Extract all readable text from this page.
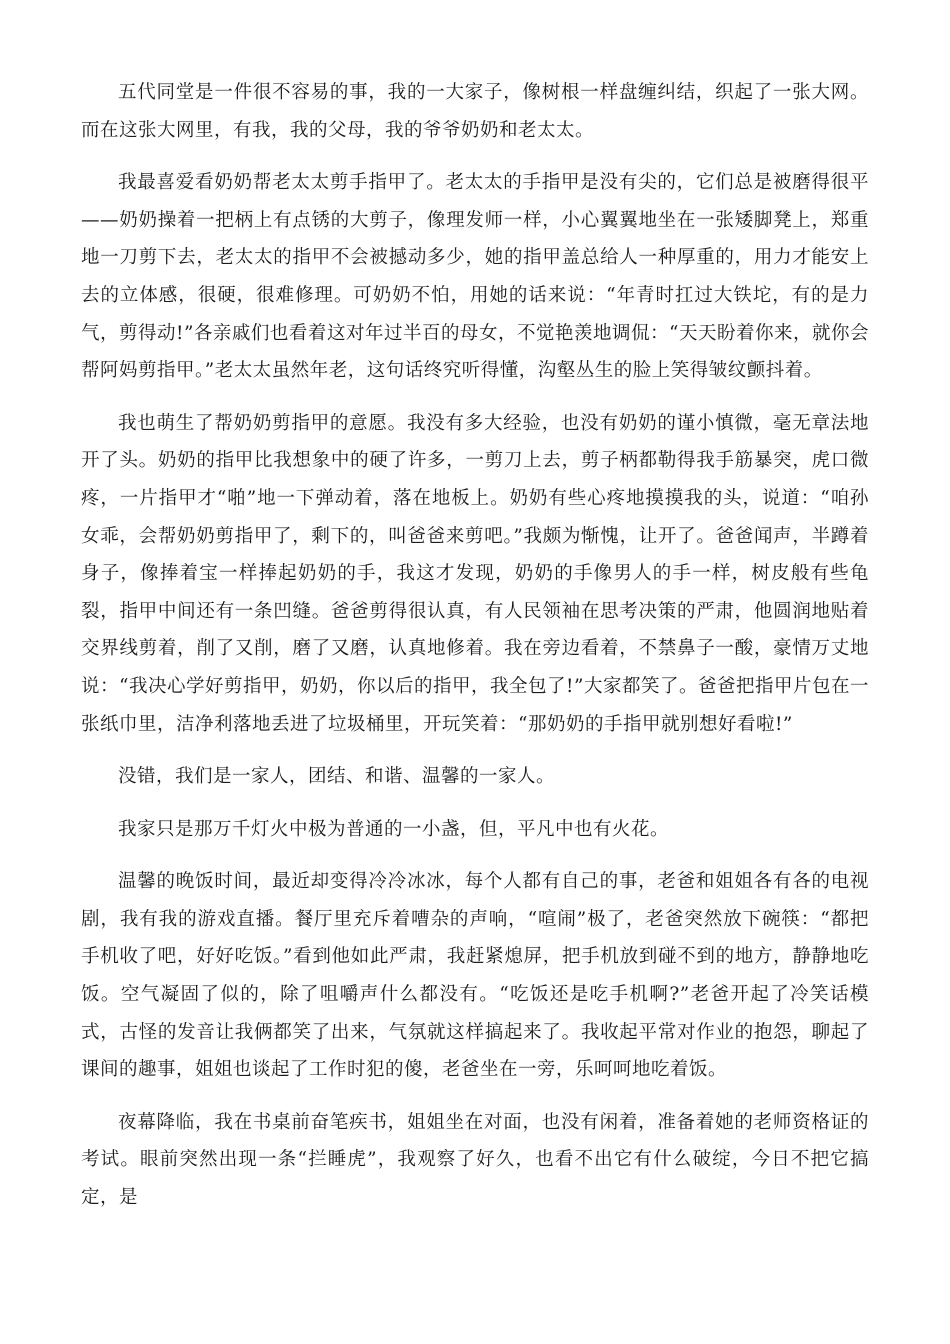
五代同堂是一件很不容易的事，我的一大家子，像树根一样盘缠纠结，织起了一张大网。而在这张大网里，有我，我的父母，我的爷爷奶奶和老太太。

我最喜爱看奶奶帮老太太剪手指甲了。老太太的手指甲是没有尖的，它们总是被磨得很平——奶奶操着一把柄上有点锈的大剪子，像理发师一样，小心翼翼地坐在一张矮脚凳上，郑重地一刀剪下去，老太太的指甲不会被撼动多少，她的指甲盖总给人一种厚重的，用力才能安上去的立体感，很硬，很难修理。可奶奶不怕，用她的话来说：“年青时扛过大铁坨，有的是力气，剪得动!”各亲戚们也看着这对年过半百的母女，不觉艳羡地调侃：“天天盼着你来，就你会帮阿妈剪指甲。”老太太虽然年老，这句话终究听得懂，沟壑丛生的脸上笑得皱纹颤抖着。

我也萌生了帮奶奶剪指甲的意愿。我没有多大经验，也没有奶奶的谨小慎微，毫无章法地开了头。奶奶的指甲比我想象中的硬了许多，一剪刀上去，剪子柄都勒得我手筋暴突，虎口微疼，一片指甲才“啪”地一下弹动着，落在地板上。奶奶有些心疼地摸摸我的头，说道：“咱孙女乖，会帮奶奶剪指甲了，剩下的，叫爸爸来剪吧。”我颇为惭愧，让开了。爸爸闻声，半蹲着身子，像捧着宝一样捧起奶奶的手，我这才发现，奶奶的手像男人的手一样，树皮般有些龟裂，指甲中间还有一条凹缝。爸爸剪得很认真，有人民领袖在思考决策的严肃，他圆润地贴着交界线剪着，削了又削，磨了又磨，认真地修着。我在旁边看着，不禁鼻子一酸，豪情万丈地说：“我决心学好剪指甲，奶奶，你以后的指甲，我全包了!”大家都笑了。爸爸把指甲片包在一张纸巾里，洁净利落地丢进了垃圾桶里，开玩笑着：“那奶奶的手指甲就别想好看啦!”

没错，我们是一家人，团结、和谐、温馨的一家人。

我家只是那万千灯火中极为普通的一小盏，但，平凡中也有火花。

温馨的晚饭时间，最近却变得冷冷冰冰，每个人都有自己的事，老爸和姐姐各有各的电视剧，我有我的游戏直播。餐厅里充斥着嘈杂的声响，“喧闹”极了，老爸突然放下碗筷：“都把手机收了吧，好好吃饭。”看到他如此严肃，我赶紧熄屏，把手机放到碰不到的地方，静静地吃饭。空气凝固了似的，除了咀嚼声什么都没有。“吃饭还是吃手机啊?”老爸开起了冷笑话模式，古怪的发音让我俩都笑了出来，气氛就这样搞起来了。我收起平常对作业的抱怨，聊起了课间的趣事，姐姐也谈起了工作时犯的傻，老爸坐在一旁，乐呵呵地吃着饭。

夜幕降临，我在书桌前奋笔疾书，姐姐坐在对面，也没有闲着，准备着她的老师资格证的考试。眼前突然出现一条“拦睡虎”，我观察了好久，也看不出它有什么破绽，今日不把它搞定，是
